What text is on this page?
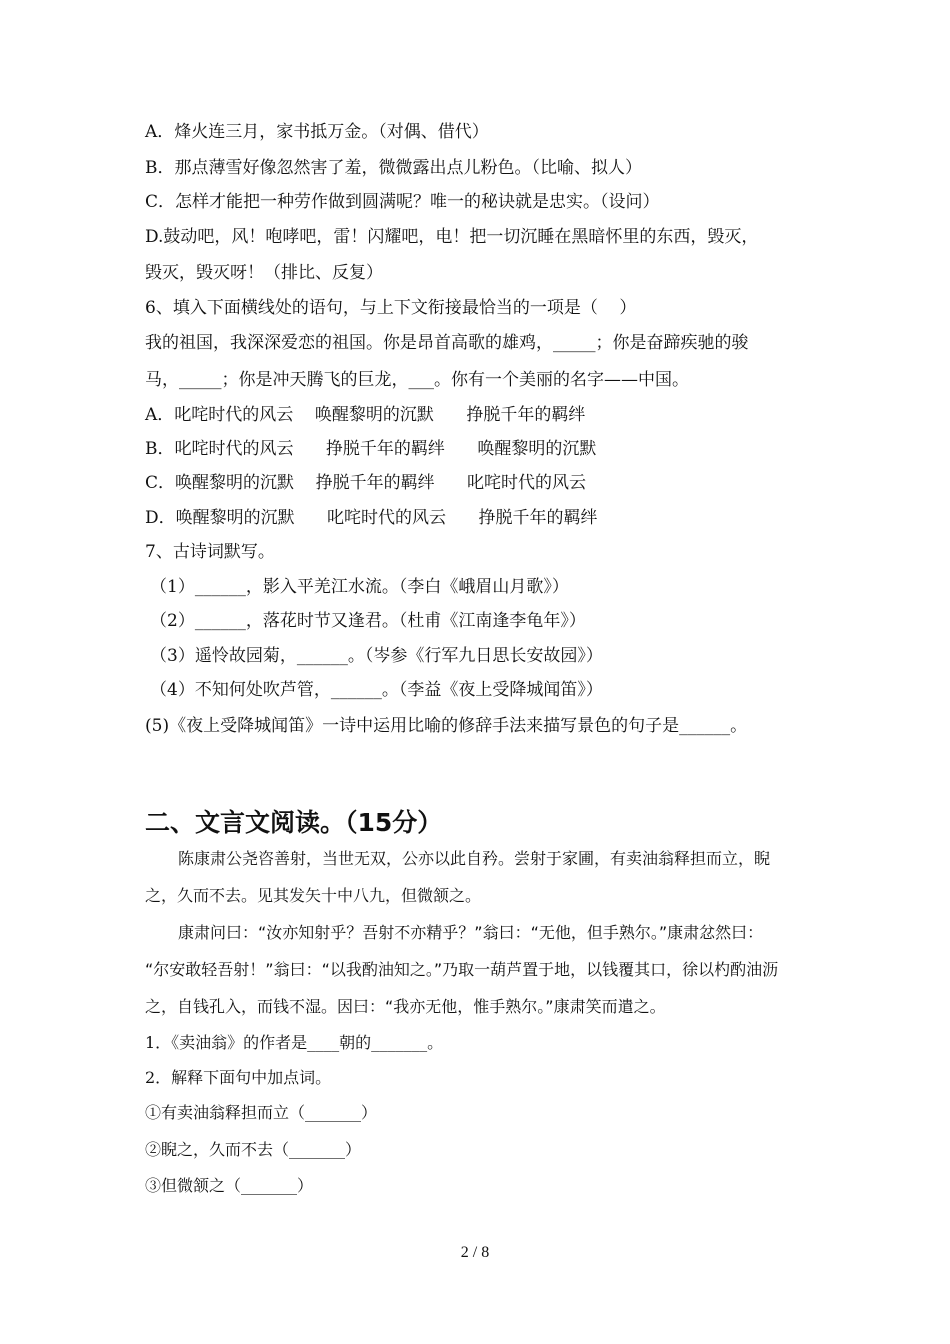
A．烽火连三月，家书抵万金。（对偶、借代）
B．那点薄雪好像忽然害了羞，微微露出点儿粉色。（比喻、拟人）
C．怎样才能把一种劳作做到圆满呢？唯一的秘诀就是忠实。（设问）
D.鼓动吧，风！咆哮吧，雷！闪耀吧，电！把一切沉睡在黑暗怀里的东西，毁灭，
毁灭，毁灭呀！（排比、反复）
6、填入下面横线处的语句，与上下文衔接最恰当的一项是（    ）
我的祖国，我深深爱恋的祖国。你是昂首高歌的雄鸡，_____；你是奋蹄疾驰的骏
马，_____；你是冲天腾飞的巨龙，___。你有一个美丽的名字——中国。
A．叱咤时代的风云    唤醒黎明的沉默      挣脱千年的羁绊
B．叱咤时代的风云      挣脱千年的羁绊      唤醒黎明的沉默
C．唤醒黎明的沉默    挣脱千年的羁绊      叱咤时代的风云
D．唤醒黎明的沉默      叱咤时代的风云      挣脱千年的羁绊
7、古诗词默写。
（1）______，影入平羌江水流。（李白《峨眉山月歌》）
（2）______，落花时节又逢君。（杜甫《江南逢李龟年》）
（3）遥怜故园菊，______。（岑参《行军九日思长安故园》）
（4）不知何处吹芦管，______。（李益《夜上受降城闻笛》）
(5)《夜上受降城闻笛》一诗中运用比喻的修辞手法来描写景色的句子是______。
二、文言文阅读。（15分）
陈康肃公尧咨善射，当世无双，公亦以此自矜。尝射于家圃，有卖油翁释担而立，睨
之，久而不去。见其发矢十中八九，但微颔之。
康肃问曰：“汝亦知射乎？吾射不亦精乎？”翁曰：“无他，但手熟尔。”康肃忿然曰：
“尔安敢轻吾射！”翁曰：“以我酌油知之。”乃取一葫芦置于地，以钱覆其口，徐以杓酌油沥
之，自钱孔入，而钱不湿。因曰：“我亦无他，惟手熟尔。”康肃笑而遣之。
1．《卖油翁》的作者是____朝的_______。
2．解释下面句中加点词。
①有卖油翁释担而立（_______）
②睨之，久而不去（_______）
③但微颔之（_______）
2 / 8
